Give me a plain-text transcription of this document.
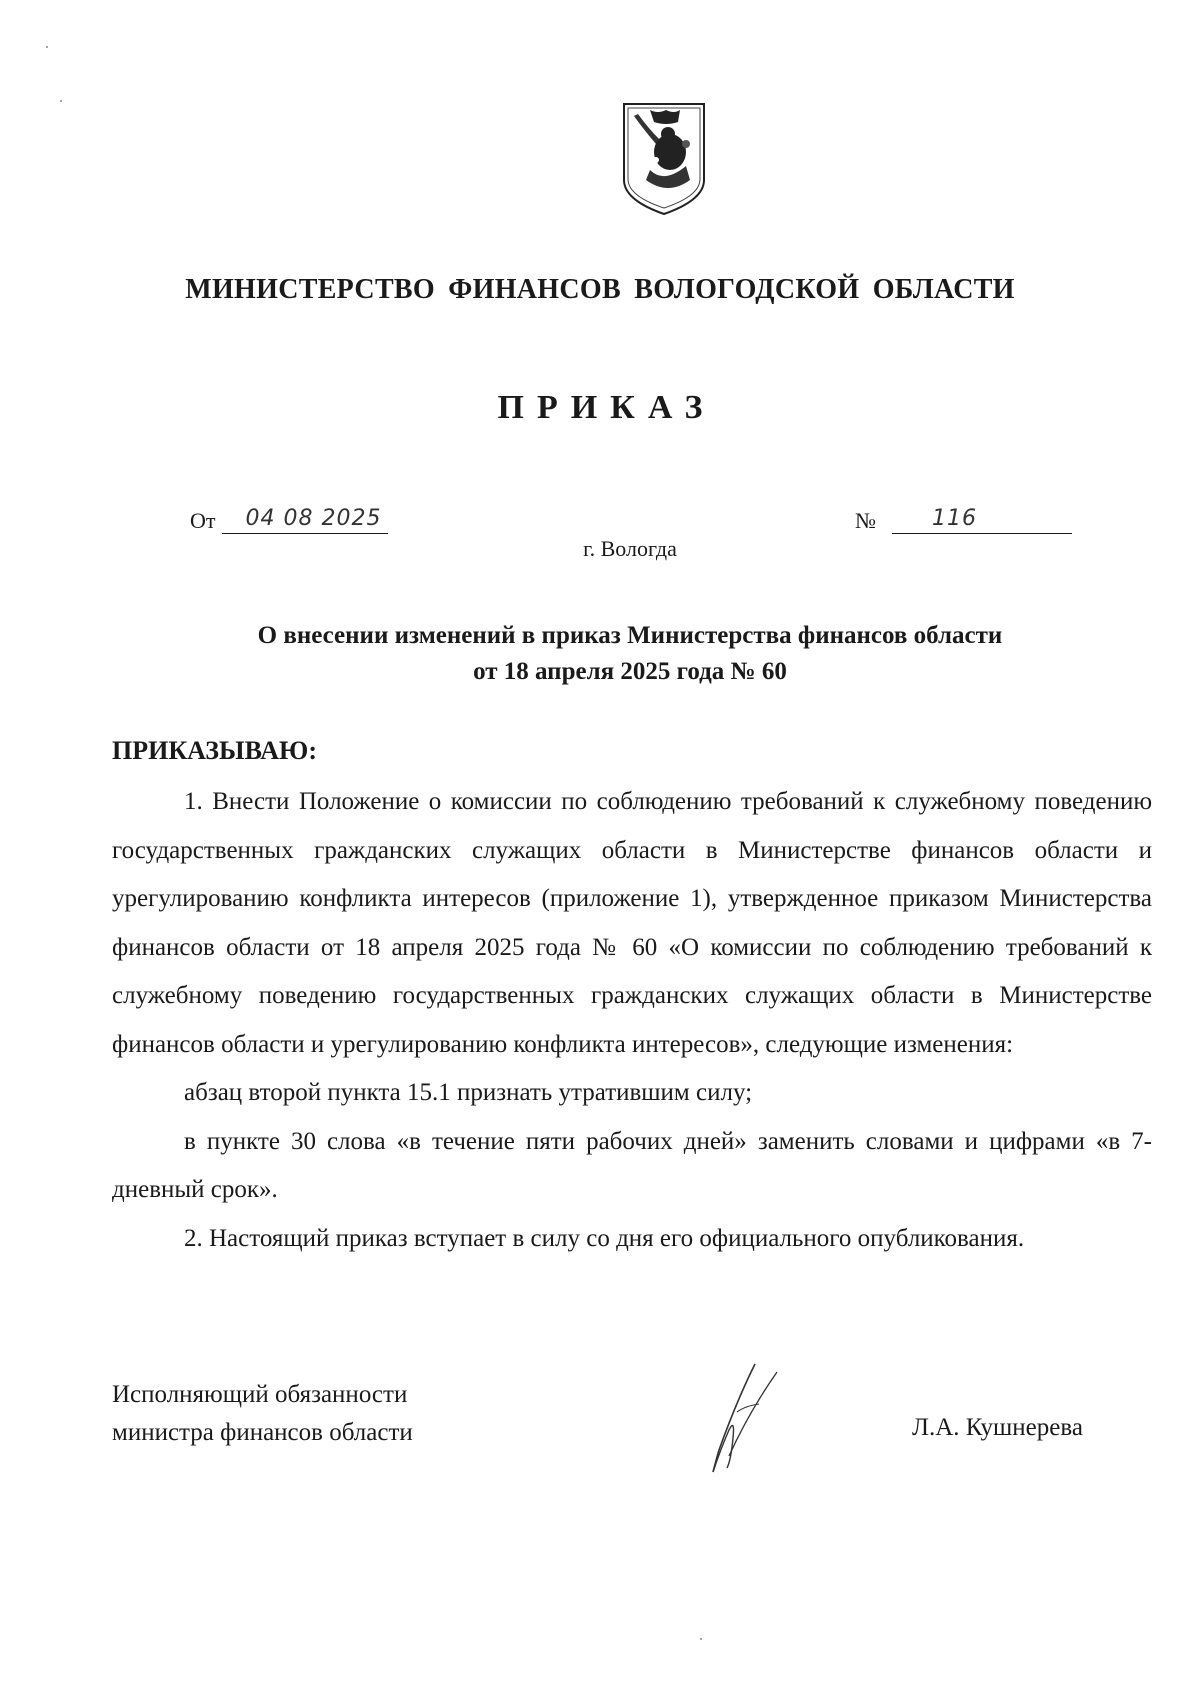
МИНИСТЕРСТВО ФИНАНСОВ ВОЛОГОДСКОЙ ОБЛАСТИ
ПРИКАЗ
От 04 08 2025	№	116
г. Вологда
О внесении изменений в приказ Министерства финансов области
от 18 апреля 2025 года № 60
ПРИКАЗЫВАЮ:

1. Внести Положение о комиссии по соблюдению требований к служебному поведению государственных гражданских служащих области в Министерстве финансов области и урегулированию конфликта интересов (приложение 1), утвержденное приказом Министерства финансов области от 18 апреля 2025 года № 60 «О комиссии по соблюдению требований к служебному поведению государственных гражданских служащих области в Министерстве финансов области и урегулированию конфликта интересов», следующие изменения:

абзац второй пункта 15.1 признать утратившим силу;

в пункте 30 слова «в течение пяти рабочих дней» заменить словами и цифрами «в 7-дневный срок».

2. Настоящий приказ вступает в силу со дня его официального опубликования.

Исполняющий обязанности
министра финансов области	Л.А. Кушнерева
